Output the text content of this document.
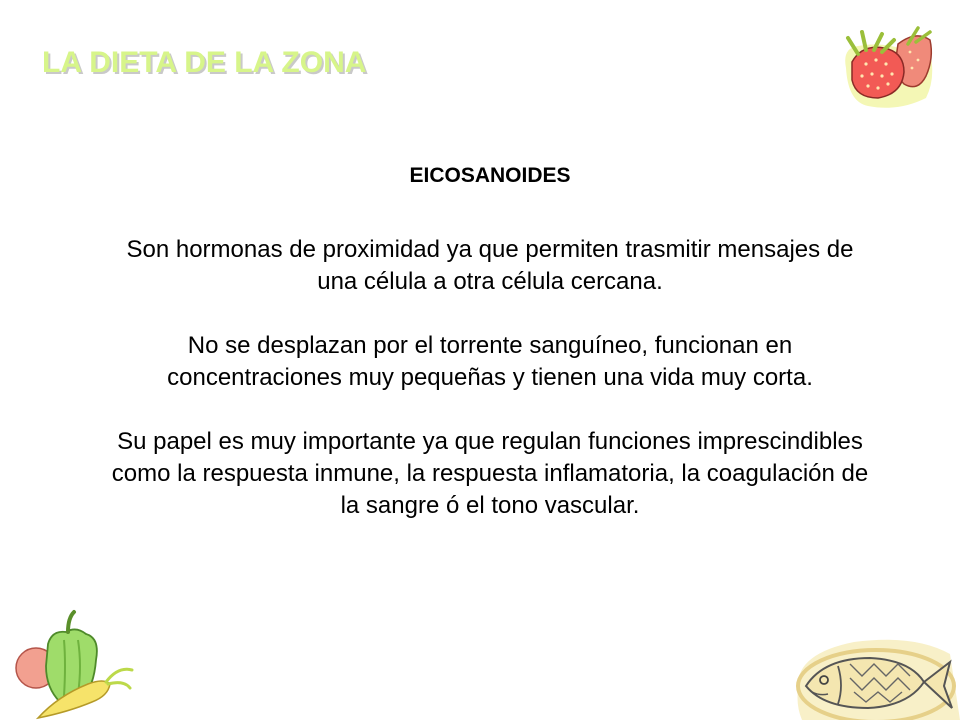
LA DIETA DE LA ZONA
EICOSANOIDES
Son hormonas de proximidad ya que permiten trasmitir mensajes de una célula a otra célula cercana.
No se desplazan por el torrente sanguíneo, funcionan en concentraciones muy pequeñas y tienen una vida muy corta.
Su papel es muy importante ya que regulan funciones imprescindibles como la respuesta inmune, la respuesta inflamatoria, la coagulación de la sangre ó el tono vascular.
